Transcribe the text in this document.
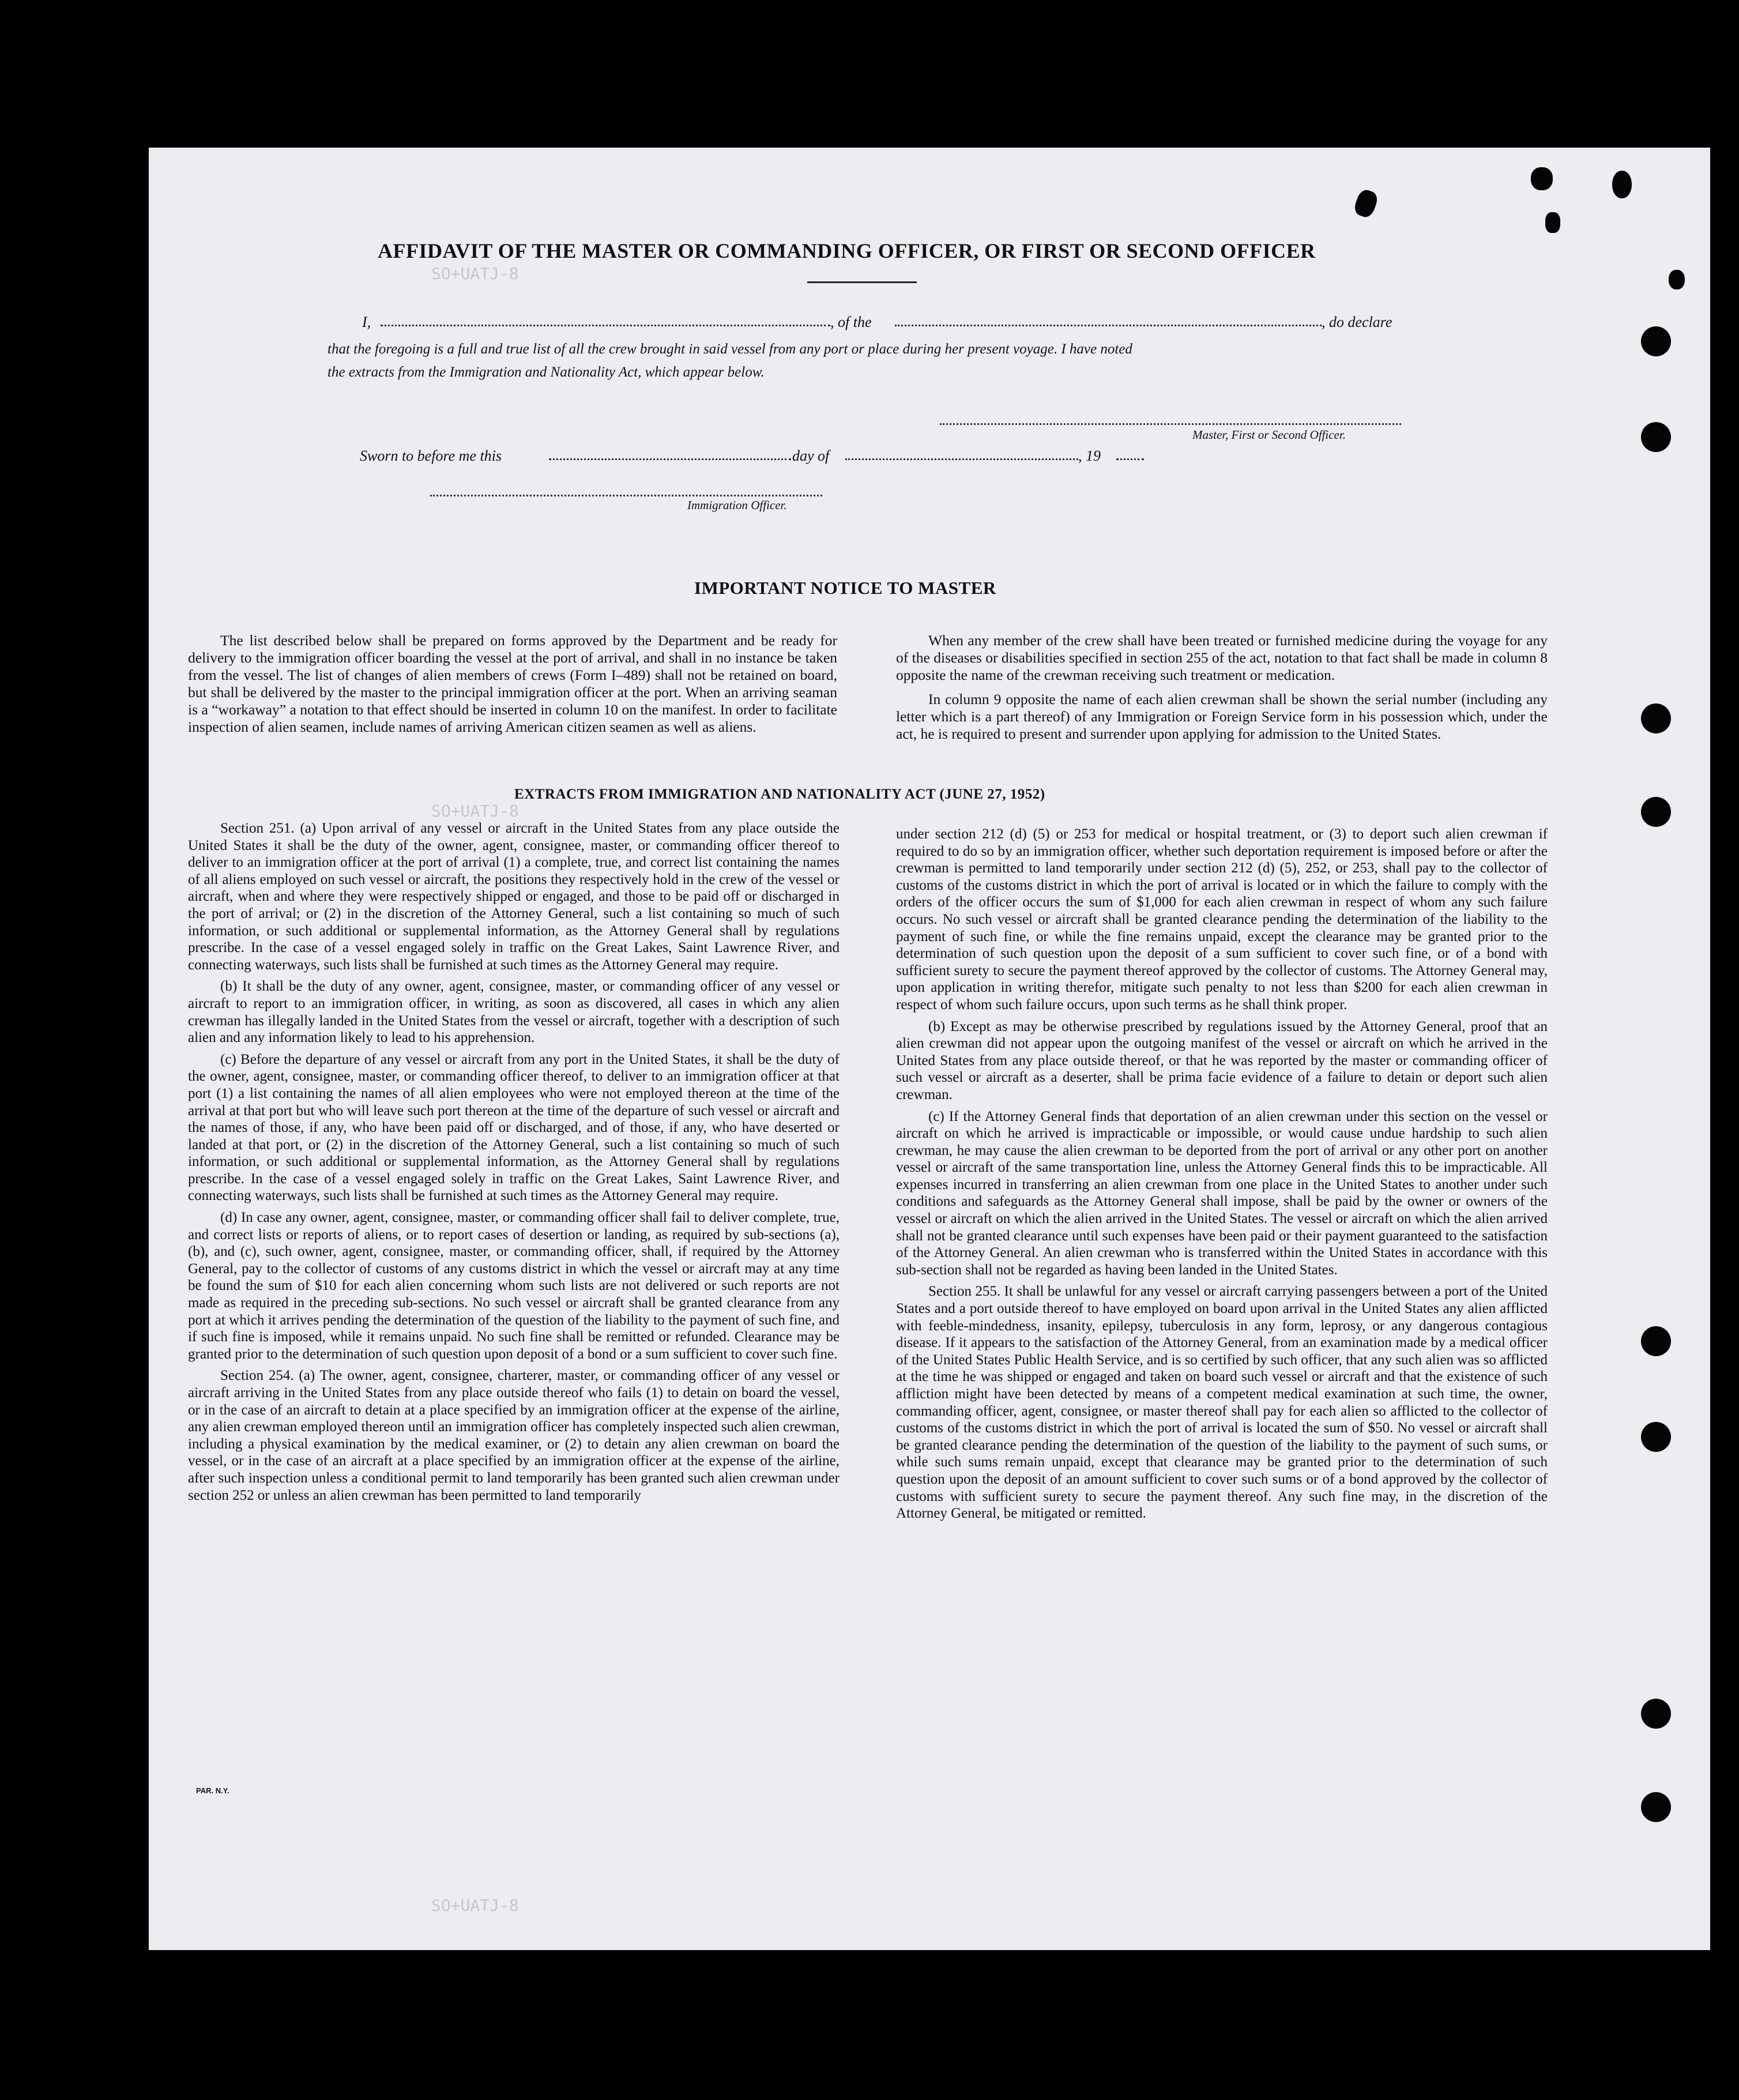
SO+UATJ-8
SO+UATJ-8
SO+UATJ-8
AFFIDAVIT OF THE MASTER OR COMMANDING OFFICER, OR FIRST OR SECOND OFFICER
I,	, of the	, do declare
that the foregoing is a full and true list of all the crew brought in said vessel from any port or place during her present voyage. I have noted
the extracts from the Immigration and Nationality Act, which appear below.
Master, First or Second Officer.
Sworn to before me this	day of	, 19
Immigration Officer.
IMPORTANT NOTICE TO MASTER

The list described below shall be prepared on forms approved by the Department and be ready for delivery to the immigration officer boarding the vessel at the port of arrival, and shall in no instance be taken from the vessel. The list of changes of alien members of crews (Form I–489) shall not be retained on board, but shall be delivered by the master to the principal immigration officer at the port. When an arriving seaman is a “workaway” a notation to that effect should be inserted in column 10 on the manifest. In order to facilitate inspection of alien seamen, include names of arriving American citizen seamen as well as aliens.

When any member of the crew shall have been treated or furnished medicine during the voyage for any of the diseases or disabilities specified in section 255 of the act, notation to that fact shall be made in column 8 opposite the name of the crewman receiving such treatment or medication.

In column 9 opposite the name of each alien crewman shall be shown the serial number (including any letter which is a part thereof) of any Immigration or Foreign Service form in his possession which, under the act, he is required to present and surrender upon applying for admission to the United States.

EXTRACTS FROM IMMIGRATION AND NATIONALITY ACT (JUNE 27, 1952)

Section 251. (a) Upon arrival of any vessel or aircraft in the United States from any place outside the United States it shall be the duty of the owner, agent, consignee, master, or commanding officer thereof to deliver to an immigration officer at the port of arrival (1) a complete, true, and correct list containing the names of all aliens employed on such vessel or aircraft, the positions they respectively hold in the crew of the vessel or aircraft, when and where they were respectively shipped or engaged, and those to be paid off or discharged in the port of arrival; or (2) in the discretion of the Attorney General, such a list containing so much of such information, or such additional or supplemental information, as the Attorney General shall by regulations prescribe. In the case of a vessel engaged solely in traffic on the Great Lakes, Saint Lawrence River, and connecting waterways, such lists shall be furnished at such times as the Attorney General may require.

(b) It shall be the duty of any owner, agent, consignee, master, or commanding officer of any vessel or aircraft to report to an immigration officer, in writing, as soon as discovered, all cases in which any alien crewman has illegally landed in the United States from the vessel or aircraft, together with a description of such alien and any information likely to lead to his apprehension.

(c) Before the departure of any vessel or aircraft from any port in the United States, it shall be the duty of the owner, agent, consignee, master, or commanding officer thereof, to deliver to an immigration officer at that port (1) a list containing the names of all alien employees who were not employed thereon at the time of the arrival at that port but who will leave such port thereon at the time of the departure of such vessel or aircraft and the names of those, if any, who have been paid off or discharged, and of those, if any, who have deserted or landed at that port, or (2) in the discretion of the Attorney General, such a list containing so much of such information, or such additional or supplemental information, as the Attorney General shall by regulations prescribe. In the case of a vessel engaged solely in traffic on the Great Lakes, Saint Lawrence River, and connecting waterways, such lists shall be furnished at such times as the Attorney General may require.

(d) In case any owner, agent, consignee, master, or commanding officer shall fail to deliver complete, true, and correct lists or reports of aliens, or to report cases of desertion or landing, as required by sub-sections (a), (b), and (c), such owner, agent, consignee, master, or commanding officer, shall, if required by the Attorney General, pay to the collector of customs of any customs district in which the vessel or aircraft may at any time be found the sum of $10 for each alien concerning whom such lists are not delivered or such reports are not made as required in the preceding sub-sections. No such vessel or aircraft shall be granted clearance from any port at which it arrives pending the determination of the question of the liability to the payment of such fine, and if such fine is imposed, while it remains unpaid. No such fine shall be remitted or refunded. Clearance may be granted prior to the determination of such question upon deposit of a bond or a sum sufficient to cover such fine.

Section 254. (a) The owner, agent, consignee, charterer, master, or commanding officer of any vessel or aircraft arriving in the United States from any place outside thereof who fails (1) to detain on board the vessel, or in the case of an aircraft to detain at a place specified by an immigration officer at the expense of the airline, any alien crewman employed thereon until an immigration officer has completely inspected such alien crewman, including a physical examination by the medical examiner, or (2) to detain any alien crewman on board the vessel, or in the case of an aircraft at a place specified by an immigration officer at the expense of the airline, after such inspection unless a conditional permit to land temporarily has been granted such alien crewman under section 252 or unless an alien crewman has been permitted to land temporarily

under section 212 (d) (5) or 253 for medical or hospital treatment, or (3) to deport such alien crewman if required to do so by an immigration officer, whether such deportation requirement is imposed before or after the crewman is permitted to land temporarily under section 212 (d) (5), 252, or 253, shall pay to the collector of customs of the customs district in which the port of arrival is located or in which the failure to comply with the orders of the officer occurs the sum of $1,000 for each alien crewman in respect of whom any such failure occurs. No such vessel or aircraft shall be granted clearance pending the determination of the liability to the payment of such fine, or while the fine remains unpaid, except the clearance may be granted prior to the determination of such question upon the deposit of a sum sufficient to cover such fine, or of a bond with sufficient surety to secure the payment thereof approved by the collector of customs. The Attorney General may, upon application in writing therefor, mitigate such penalty to not less than $200 for each alien crewman in respect of whom such failure occurs, upon such terms as he shall think proper.

(b) Except as may be otherwise prescribed by regulations issued by the Attorney General, proof that an alien crewman did not appear upon the outgoing manifest of the vessel or aircraft on which he arrived in the United States from any place outside thereof, or that he was reported by the master or commanding officer of such vessel or aircraft as a deserter, shall be prima facie evidence of a failure to detain or deport such alien crewman.

(c) If the Attorney General finds that deportation of an alien crewman under this section on the vessel or aircraft on which he arrived is impracticable or impossible, or would cause undue hardship to such alien crewman, he may cause the alien crewman to be deported from the port of arrival or any other port on another vessel or aircraft of the same transportation line, unless the Attorney General finds this to be impracticable. All expenses incurred in transferring an alien crewman from one place in the United States to another under such conditions and safeguards as the Attorney General shall impose, shall be paid by the owner or owners of the vessel or aircraft on which the alien arrived in the United States. The vessel or aircraft on which the alien arrived shall not be granted clearance until such expenses have been paid or their payment guaranteed to the satisfaction of the Attorney General. An alien crewman who is transferred within the United States in accordance with this sub-section shall not be regarded as having been landed in the United States.

Section 255. It shall be unlawful for any vessel or aircraft carrying passengers between a port of the United States and a port outside thereof to have employed on board upon arrival in the United States any alien afflicted with feeble-mindedness, insanity, epilepsy, tuberculosis in any form, leprosy, or any dangerous contagious disease. If it appears to the satisfaction of the Attorney General, from an examination made by a medical officer of the United States Public Health Service, and is so certified by such officer, that any such alien was so afflicted at the time he was shipped or engaged and taken on board such vessel or aircraft and that the existence of such affliction might have been detected by means of a competent medical examination at such time, the owner, commanding officer, agent, consignee, or master thereof shall pay for each alien so afflicted to the collector of customs of the customs district in which the port of arrival is located the sum of $50. No vessel or aircraft shall be granted clearance pending the determination of the question of the liability to the payment of such sums, or while such sums remain unpaid, except that clearance may be granted prior to the determination of such question upon the deposit of an amount sufficient to cover such sums or of a bond approved by the collector of customs with sufficient surety to secure the payment thereof. Any such fine may, in the discretion of the Attorney General, be mitigated or remitted.

PAR. N.Y.
